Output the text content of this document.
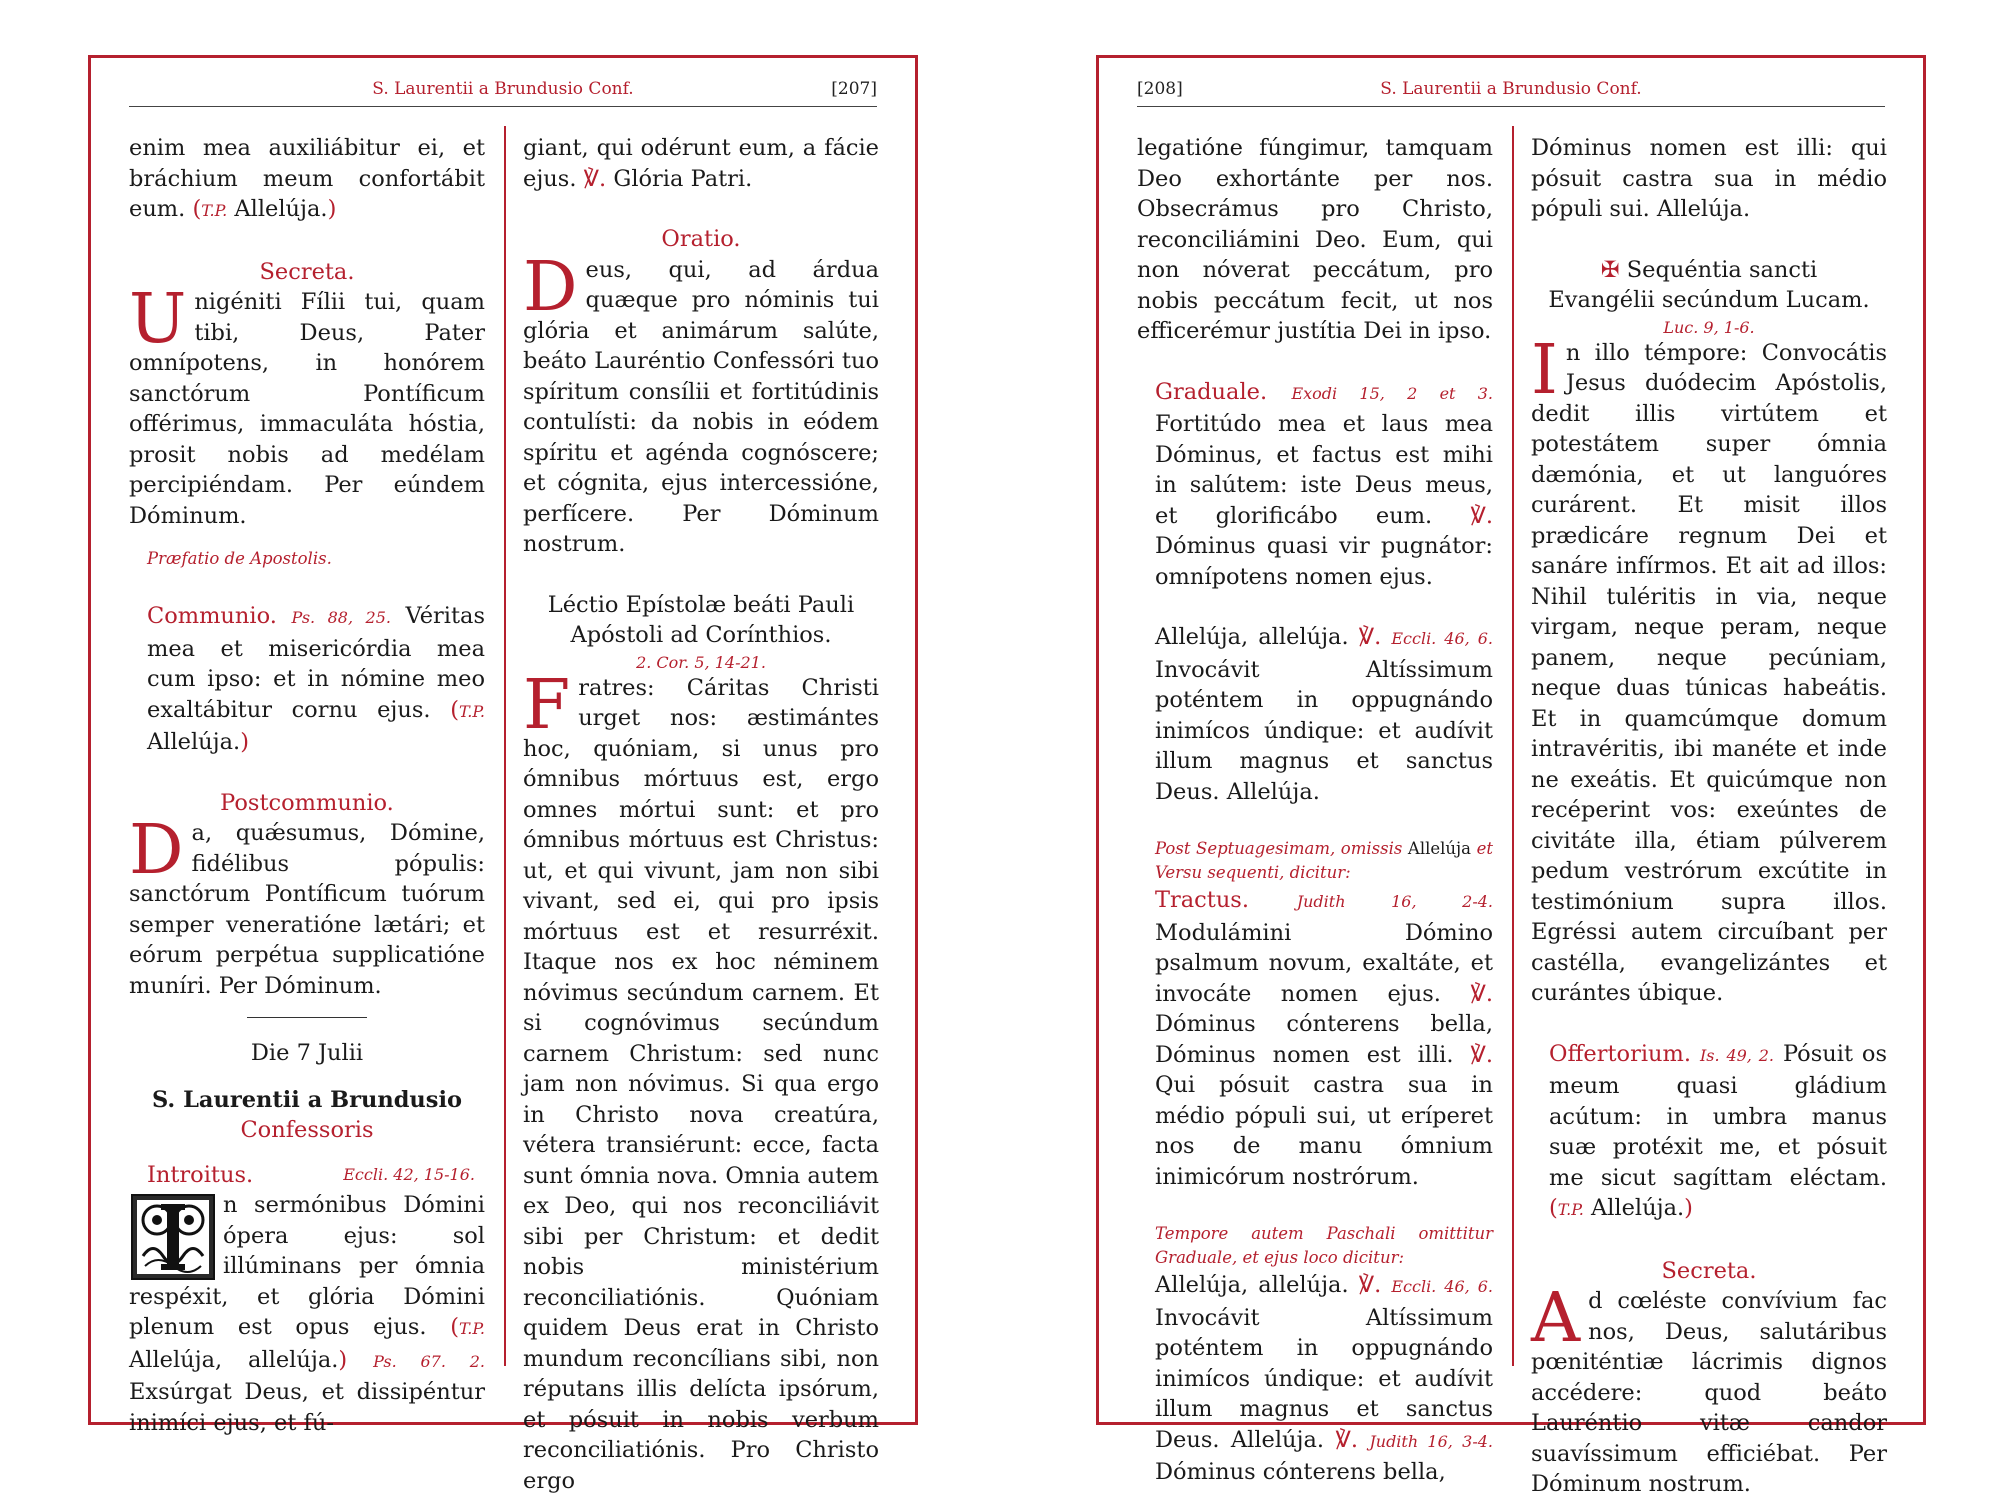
S. Laurentii a Brundusio Conf.	[207]

enim mea auxiliábitur ei, et bráchium meum confortábit eum. (T.P. Allelúja.)

Secreta.

Unigéniti Fílii tui, quam tibi, Deus, Pater omnípotens, in honórem sanctórum Pontíficum offérimus, immaculáta hóstia, prosit nobis ad medélam percipiéndam. Per eúndem Dóminum.

Præfatio de Apostolis.

Communio. Ps. 88, 25. Véritas mea et misericórdia mea cum ipso: et in nómine meo exaltábitur cornu ejus. (T.P. Allelúja.)

Postcommunio.

Da, quǽsumus, Dómine, fidélibus pópulis: sanctórum Pontíficum tuórum semper veneratióne lætári; et eórum perpétua supplicatióne muníri. Per Dóminum.

Die 7 Julii

S. Laurentii a Brundusio

Confessoris

Introitus.	Eccli. 42, 15-16.

n sermónibus Dómini ópera ejus: sol illúminans per ómnia respéxit, et glória Dómini plenum est opus ejus. (T.P. Allelúja, allelúja.) Ps. 67. 2. Exsúrgat Deus, et dissipéntur inimíci ejus, et fú-

giant, qui odérunt eum, a fácie ejus. ℣. Glória Patri.

Oratio.

Deus, qui, ad árdua quæque pro nóminis tui glória et animárum salúte, beáto Lauréntio Confessóri tuo spíritum consílii et fortitúdinis contulísti: da nobis in eódem spíritu et agénda cognóscere; et cógnita, ejus intercessióne, perfícere. Per Dóminum nostrum.

Léctio Epístolæ beáti Pauli Apóstoli ad Corínthios.

2. Cor. 5, 14-21.

Fratres: Cáritas Christi urget nos: æstimántes hoc, quóniam, si unus pro ómnibus mórtuus est, ergo omnes mórtui sunt: et pro ómnibus mórtuus est Christus: ut, et qui vivunt, jam non sibi vivant, sed ei, qui pro ipsis mórtuus est et resurréxit. Itaque nos ex hoc néminem nóvimus secúndum carnem. Et si cognóvimus secúndum carnem Christum: sed nunc jam non nóvimus. Si qua ergo in Christo nova creatúra, vétera transiérunt: ecce, facta sunt ómnia nova. Omnia autem ex Deo, qui nos reconciliávit sibi per Christum: et dedit nobis ministérium reconciliatiónis. Quóniam quidem Deus erat in Christo mundum reconcílians sibi, non réputans illis delícta ipsórum, et pósuit in nobis verbum reconciliatiónis. Pro Christo ergo

[208]	S. Laurentii a Brundusio Conf.

legatióne fúngimur, tamquam Deo exhortánte per nos. Obsecrámus pro Christo, reconciliámini Deo. Eum, qui non nóverat peccátum, pro nobis peccátum fecit, ut nos efficerémur justítia Dei in ipso.

Graduale. Exodi 15, 2 et 3. Fortitúdo mea et laus mea Dóminus, et factus est mihi in salútem: iste Deus meus, et glorificábo eum. ℣. Dóminus quasi vir pugnátor: omnípotens nomen ejus.

Allelúja, allelúja. ℣. Eccli. 46, 6. Invocávit Altíssimum poténtem in oppugnándo inimícos úndique: et audívit illum magnus et sanctus Deus. Allelúja.

Post Septuagesimam, omissis Allelúja et Versu sequenti, dicitur:

Tractus.	Judith 16, 2-4. Modulámini Dómino psalmum novum, exaltáte, et invocáte nomen ejus. ℣. Dóminus cónterens bella, Dóminus nomen est illi. ℣. Qui pósuit castra sua in médio pópuli sui, ut eríperet nos de manu ómnium inimicórum nostrórum.

Tempore autem Paschali omittitur Graduale, et ejus loco dicitur:

Allelúja, allelúja. ℣. Eccli. 46, 6. Invocávit Altíssimum poténtem in oppugnándo inimícos úndique: et audívit illum magnus et sanctus Deus. Allelúja. ℣. Judith 16, 3-4. Dóminus cónterens bella,

Dóminus nomen est illi: qui pósuit castra sua in médio pópuli sui. Allelúja.

✠ Sequéntia sancti Evangélii secúndum Lucam.

Luc. 9, 1-6.

In illo témpore: Convocátis Jesus duódecim Apóstolis, dedit illis virtútem et potestátem super ómnia dæmónia, et ut languóres curárent. Et misit illos prædicáre regnum Dei et sanáre infírmos. Et ait ad illos: Nihil tuléritis in via, neque virgam, neque peram, neque panem, neque pecúniam, neque duas túnicas habeátis. Et in quamcúmque domum intravéritis, ibi manéte et inde ne exeátis. Et quicúmque non recéperint vos: exeúntes de civitáte illa, étiam púlverem pedum vestrórum excútite in testimónium supra illos. Egréssi autem circuíbant per castélla, evangelizántes et curántes úbique.

Offertorium. Is. 49, 2. Pósuit os meum quasi gládium acútum: in umbra manus suæ protéxit me, et pósuit me sicut sagíttam eléctam. (T.P. Allelúja.)

Secreta.

Ad cœléste convívium fac nos, Deus, salutáribus pœniténtiæ lácrimis dignos accédere: quod beáto Lauréntio vitæ candor suavíssimum efficiébat. Per Dóminum nostrum.
